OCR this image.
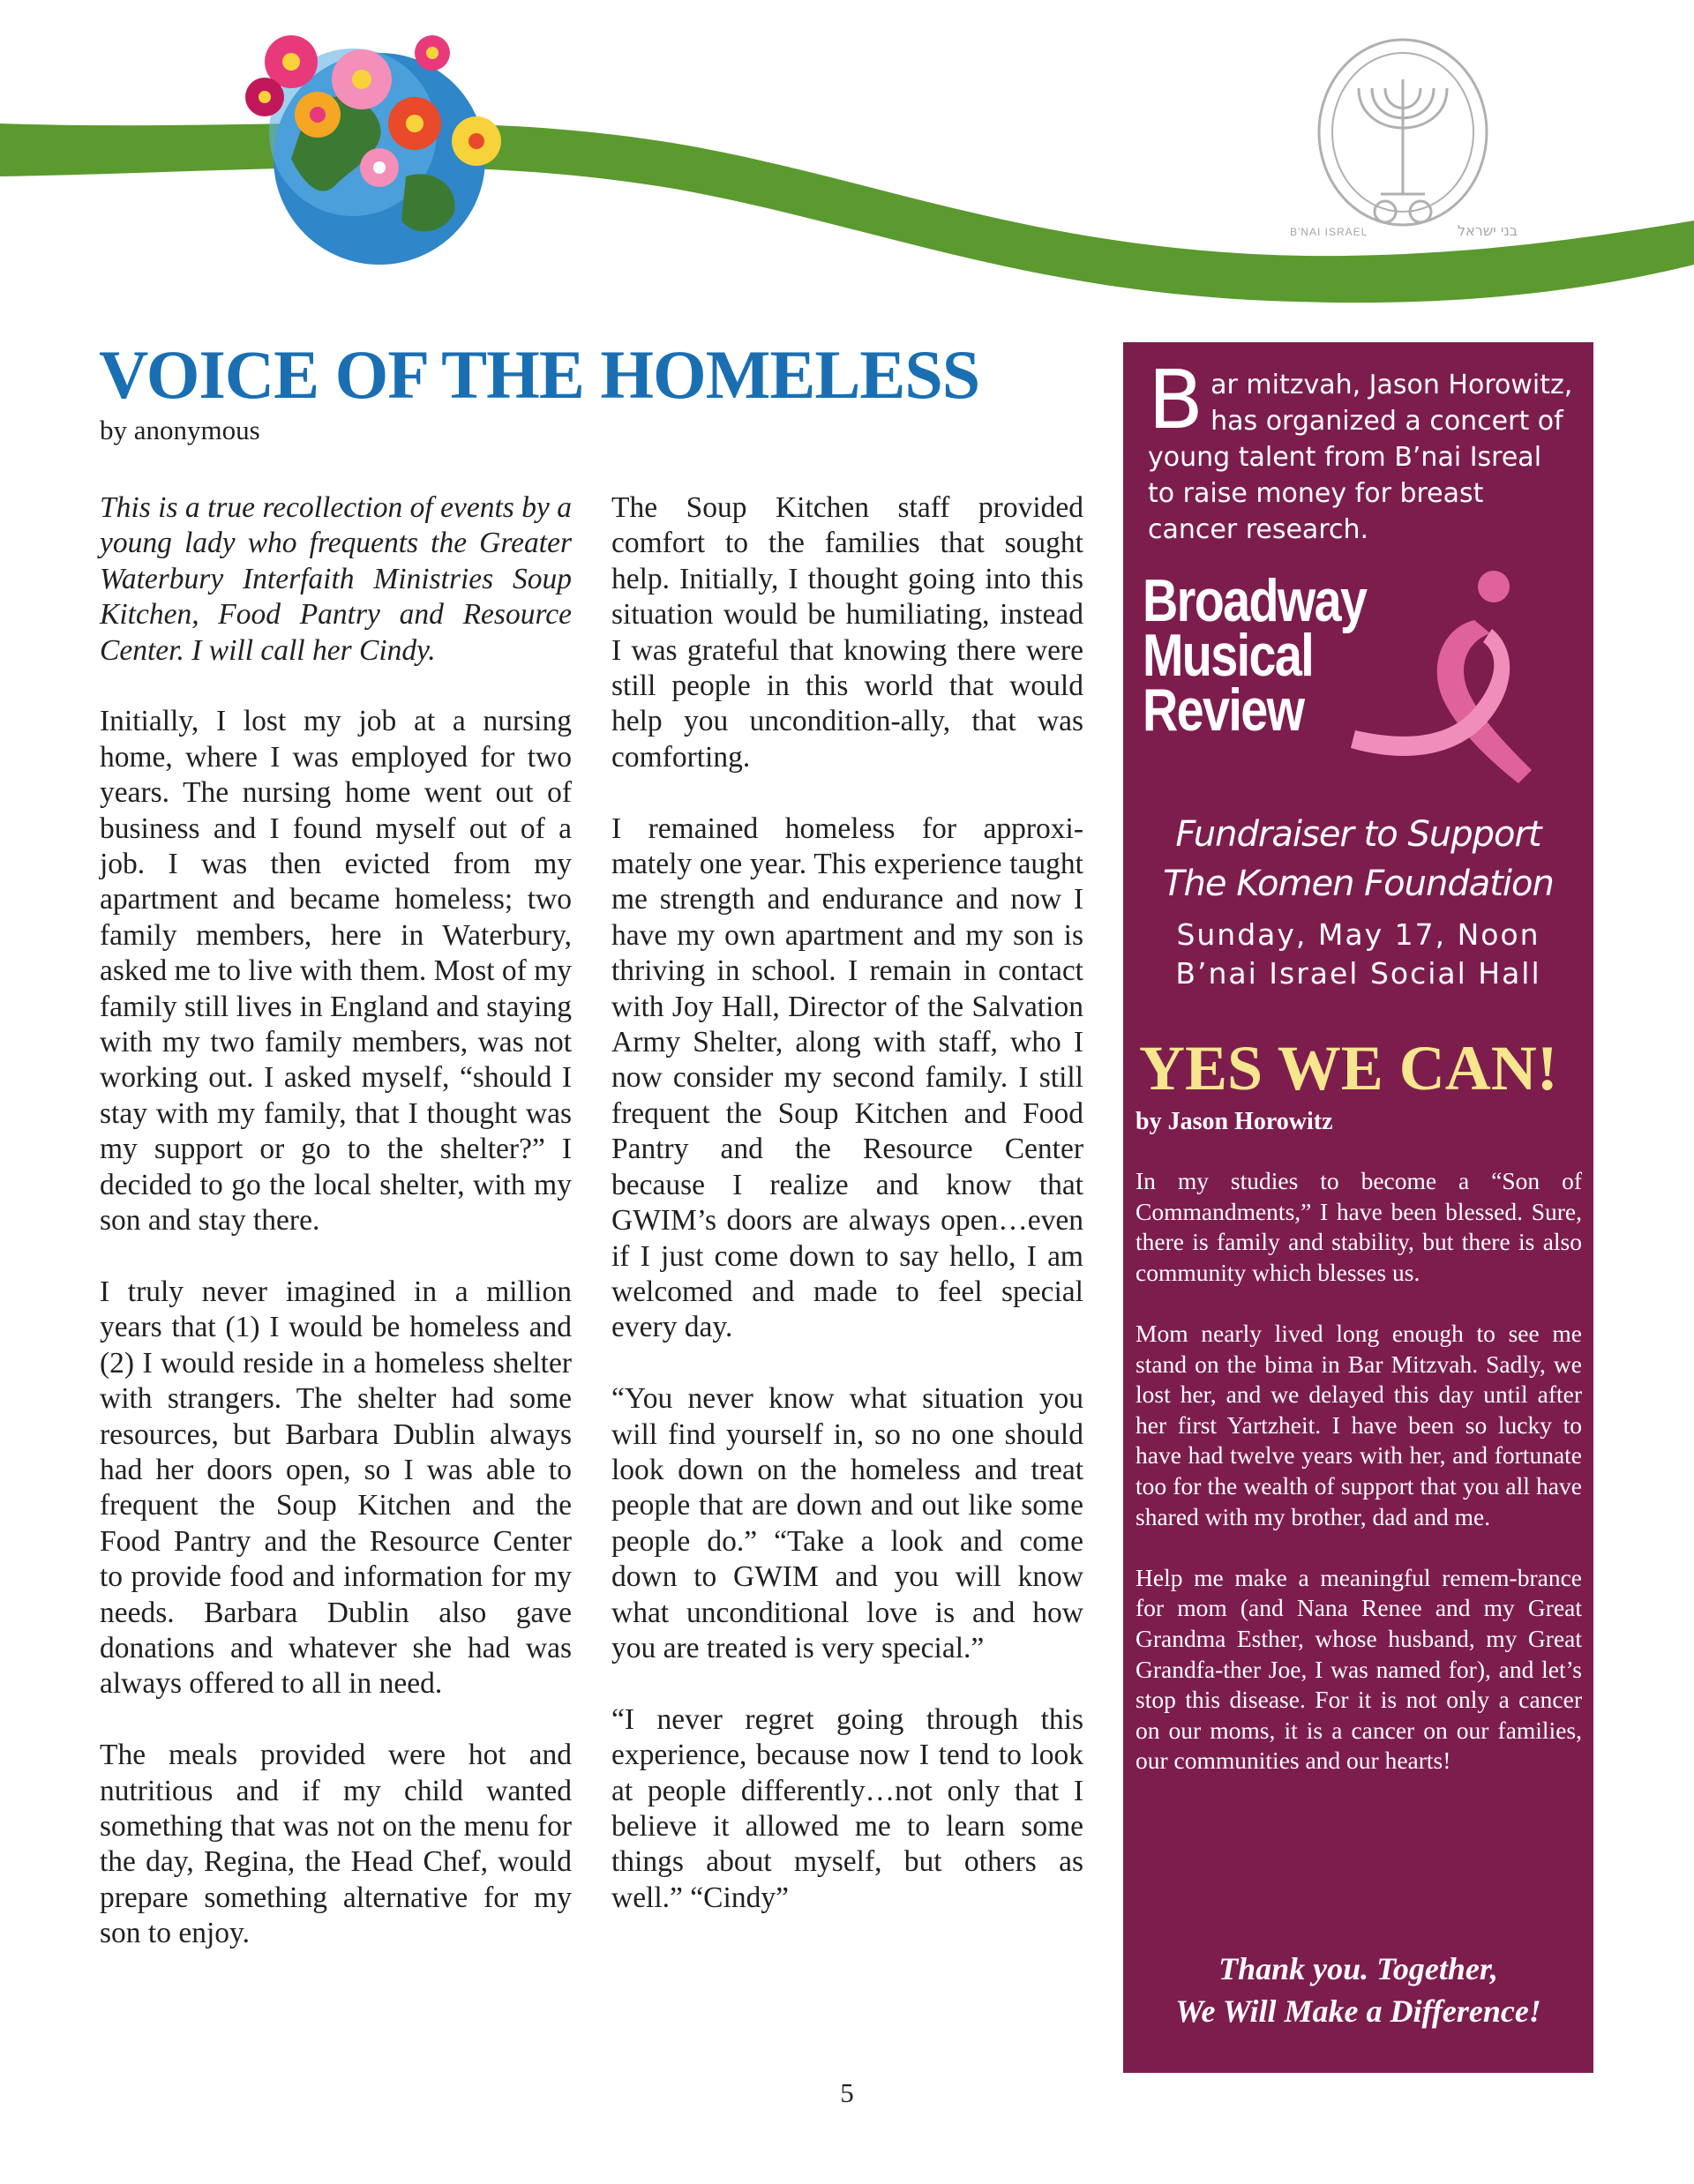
B'NAI ISRAEL	בני ישראל
VOICE OF THE HOMELESS
by anonymous

This is a true recollection of events by a young lady who frequents the Greater Waterbury Interfaith Ministries Soup Kitchen, Food Pantry and Resource Center. I will call her Cindy.

Initially, I lost my job at a nursing home, where I was employed for two years. The nursing home went out of business and I found myself out of a job. I was then evicted from my apartment and became homeless; two family members, here in Waterbury, asked me to live with them. Most of my family still lives in England and staying with my two family members, was not working out. I asked myself, “should I stay with my family, that I thought was my support or go to the shelter?” I decided to go the local shelter, with my son and stay there.

I truly never imagined in a million years that (1) I would be homeless and (2) I would reside in a homeless shelter with strangers. The shelter had some resources, but Barbara Dublin always had her doors open, so I was able to frequent the Soup Kitchen and the Food Pantry and the Resource Center to provide food and information for my needs. Barbara Dublin also gave donations and whatever she had was always offered to all in need.

The meals provided were hot and nutritious and if my child wanted something that was not on the menu for the day, Regina, the Head Chef, would prepare something alternative for my son to enjoy.

The Soup Kitchen staff provided comfort to the families that sought help. Initially, I thought going into this situation would be humiliating, instead I was grateful that knowing there were still people in this world that would help you uncondition-ally, that was comforting.

I remained homeless for approxi-mately one year. This experience taught me strength and endurance and now I have my own apartment and my son is thriving in school. I remain in contact with Joy Hall, Director of the Salvation Army Shelter, along with staff, who I now consider my second family. I still frequent the Soup Kitchen and Food Pantry and the Resource Center because I realize and know that GWIM’s doors are always open…even if I just come down to say hello, I am welcomed and made to feel special every day.

“You never know what situation you will find yourself in, so no one should look down on the homeless and treat people that are down and out like some people do.” “Take a look and come down to GWIM and you will know what unconditional love is and how you are treated is very special.”

“I never regret going through this experience, because now I tend to look at people differently…not only that I believe it allowed me to learn some things about myself, but others as well.” “Cindy”

Bar mitzvah, Jason Horowitz, has organized a concert of young talent from B’nai Isreal to raise money for breast cancer research.

Broadway
Musical
Review
Fundraiser to Support
The Komen Foundation
Sunday, May 17, Noon
B’nai Israel Social Hall
YES WE CAN!
by Jason Horowitz

In my studies to become a “Son of Commandments,” I have been blessed. Sure, there is family and stability, but there is also community which blesses us.

Mom nearly lived long enough to see me stand on the bima in Bar Mitzvah. Sadly, we lost her, and we delayed this day until after her first Yartzheit. I have been so lucky to have had twelve years with her, and fortunate too for the wealth of support that you all have shared with my brother, dad and me.

Help me make a meaningful remem-brance for mom (and Nana Renee and my Great Grandma Esther, whose husband, my Great Grandfa-ther Joe, I was named for), and let’s stop this disease. For it is not only a cancer on our moms, it is a cancer on our families, our communities and our hearts!

Thank you. Together,
We Will Make a Difference!
5
